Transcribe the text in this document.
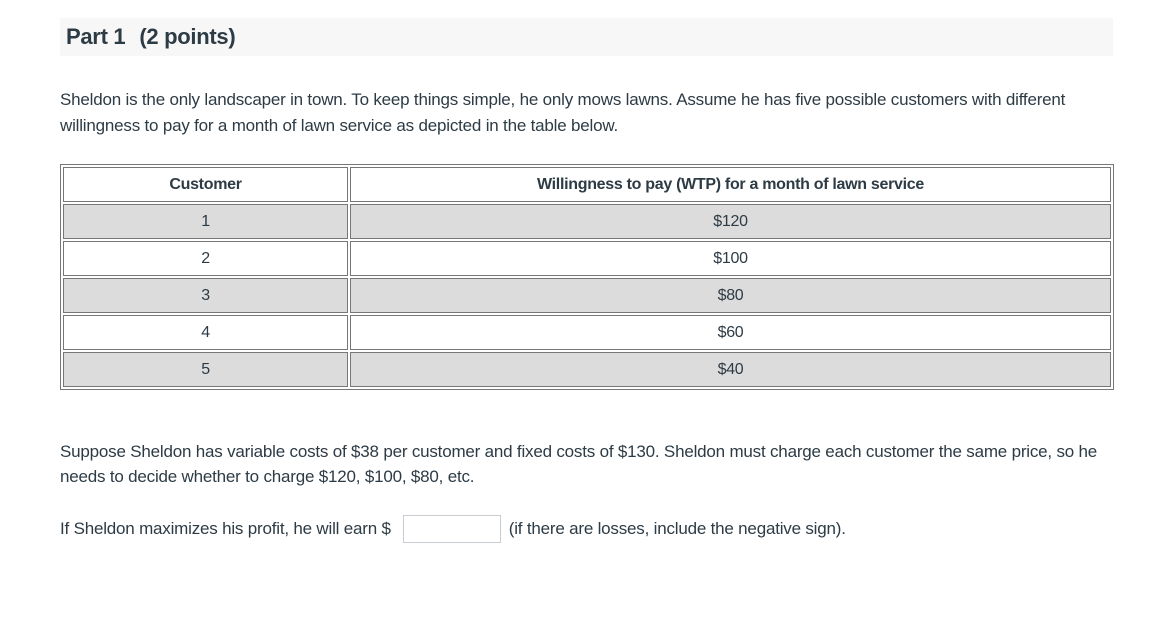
Part 1 (2 points)
Sheldon is the only landscaper in town. To keep things simple, he only mows lawns. Assume he has five possible customers with different willingness to pay for a month of lawn service as depicted in the table below.
Customer	Willingness to pay (WTP) for a month of lawn service
1	$120
2	$100
3	$80
4	$60
5	$40
Suppose Sheldon has variable costs of $38 per customer and fixed costs of $130. Sheldon must charge each customer the same price, so he needs to decide whether to charge $120, $100, $80, etc.
If Sheldon maximizes his profit, he will earn $	(if there are losses, include the negative sign).
